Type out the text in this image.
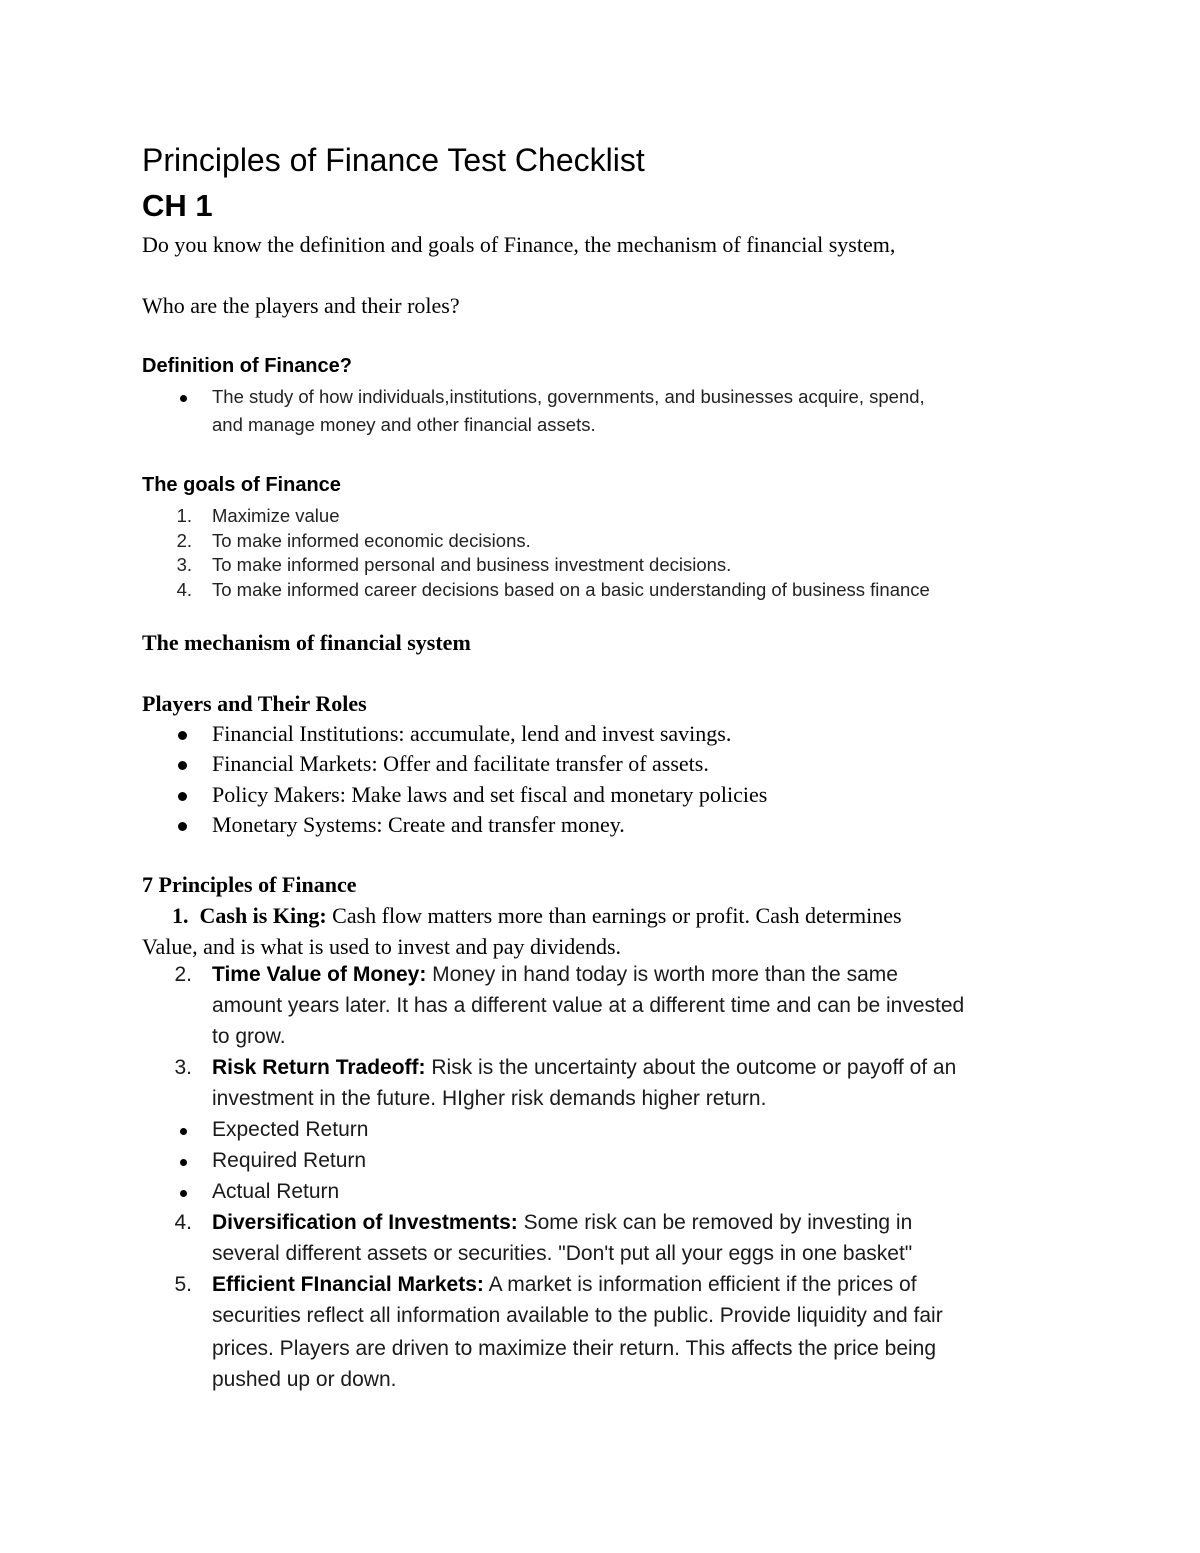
Principles of Finance Test Checklist
CH 1
Do you know the definition and goals of Finance, the mechanism of financial system,
Who are the players and their roles?
Definition of Finance?
The study of how individuals,institutions, governments, and businesses acquire, spend,
and manage money and other financial assets.
The goals of Finance
1. Maximize value
2. To make informed economic decisions.
3. To make informed personal and business investment decisions.
4. To make informed career decisions based on a basic understanding of business finance
The mechanism of financial system
Players and Their Roles
Financial Institutions: accumulate, lend and invest savings.
Financial Markets: Offer and facilitate transfer of assets.
Policy Makers: Make laws and set fiscal and monetary policies
Monetary Systems: Create and transfer money.
7 Principles of Finance
1. Cash is King: Cash flow matters more than earnings or profit. Cash determines
Value, and is what is used to invest and pay dividends.
2. Time Value of Money: Money in hand today is worth more than the same
amount years later. It has a different value at a different time and can be invested
to grow.
3. Risk Return Tradeoff: Risk is the uncertainty about the outcome or payoff of an
investment in the future. HIgher risk demands higher return.
Expected Return
Required Return
Actual Return
4. Diversification of Investments: Some risk can be removed by investing in
several different assets or securities. "Don't put all your eggs in one basket"
5. Efficient FInancial Markets: A market is information efficient if the prices of
securities reflect all information available to the public. Provide liquidity and fair
prices. Players are driven to maximize their return. This affects the price being
pushed up or down.
